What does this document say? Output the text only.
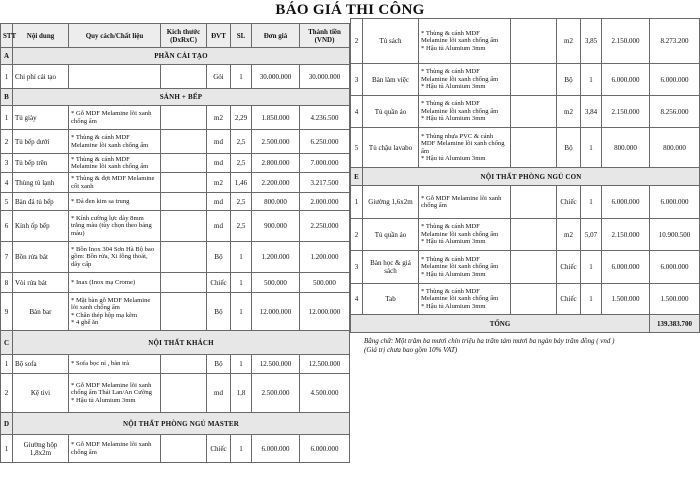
BÁO GIÁ THI CÔNG
STT	Nội dung	Quy cách/Chất liệu	Kích thước (DxRxC)	ĐVT	SL	Đơn giá	Thành tiền (VND)
A	PHẦN CẢI TẠO						
1	Chi phí cải tạo			Gói	1	30.000.000	30.000.000
B	SẢNH + BẾP						
1	Tủ giày	* Gỗ MDF Melamine lõi xanh chống ẩm		m2	2,29	1.850.000	4.236.500
2	Tủ bếp dưới	* Thùng & cánh MDF Melamine lõi xanh chống ẩm		md	2,5	2.500.000	6.250.000
3	Tủ bếp trên	* Thùng & cánh MDF Melamine lõi xanh chống ẩm		md	2,5	2.800.000	7.000.000
4	Thùng tủ lạnh	* Thùng & đợt MDF Melamine cốt xanh		m2	1,46	2.200.000	3.217.500
5	Bàn đá tủ bếp	* Đá đen kim sa trung		md	2,5	800.000	2.000.000
6	Kính ốp bếp	* Kính cường lực dày 8mm trắng màu (tùy chọn theo bảng màu)		md	2,5	900.000	2.250.000
7	Bồn rửa bát	* Bồn Inox 304 Sơn Hà Bộ bao gồm: Bồn rửa, Xi fông thoát, dây cấp		Bộ	1	1.200.000	1.200.000
8	Vòi rửa bát	* Inax (Inox mạ Crome)		Chiếc	1	500.000	500.000
9	Bàn bar	* Mặt bàn gỗ MDF Melamine lõi xanh chống ẩm
* Chân thép hộp mạ kẽm
* 4 ghế ăn		Bộ	1	12.000.000	12.000.000
C	NỘI THẤT KHÁCH						
1	Bộ sofa	* Sofa bọc nỉ , bàn trà		Bộ	1	12.500.000	12.500.000
2	Kệ tivi	* Gỗ MDF Melamine lõi xanh chống ẩm Thái Lan/An Cường
* Hậu tủ Alumium 3mm		md	1,8	2.500.000	4.500.000
D	NỘI THẤT PHÒNG NGỦ MASTER						
1	Giường hộp 1,8x2m	* Gỗ MDF Melamine lõi xanh chống ẩm		Chiếc	1	6.000.000	6.000.000
2	Tủ sách	* Thùng & cánh MDF Melamine lõi xanh chống ẩm
* Hậu tủ Alumium 3mm		m2	3,85	2.150.000	8.273.200
3	Bàn làm việc	* Thùng & cánh MDF Melamine lõi xanh chống ẩm
* Hậu tủ Alumium 3mm		Bộ	1	6.000.000	6.000.000
4	Tủ quần áo	* Thùng & cánh MDF Melamine lõi xanh chống ẩm
* Hậu tủ Alumium 3mm		m2	3,84	2.150.000	8.256.000
5	Tủ chậu lavabo	* Thùng nhựa PVC & cánh MDF Melamine lõi xanh chống ẩm
* Hậu tủ Alumium 3mm		Bộ	1	800.000	800.000
E	NỘI THẤT PHÒNG NGỦ CON						
1	Giường 1,6x2m	* Gỗ MDF Melamine lõi xanh chống ẩm		Chiếc	1	6.000.000	6.000.000
2	Tủ quần áo	* Thùng & cánh MDF Melamine lõi xanh chống ẩm
* Hậu tủ Alumium 3mm		m2	5,07	2.150.000	10.900.500
3	Bàn học & giá sách	* Thùng & cánh MDF Melamine lõi xanh chống ẩm
* Hậu tủ Alumium 3mm		Chiếc	1	6.000.000	6.000.000
4	Tab	* Thùng & cánh MDF Melamine lõi xanh chống ẩm
* Hậu tủ Alumium 3mm		Chiếc	1	1.500.000	1.500.000
TỔNG							139.383.700
Bằng chữ: Một trăm ba mươi chín triệu ba trăm tám mươi ba ngàn bảy trăm đồng ( vnd )
(Giá trị chưa bao gồm 10% VAT)
